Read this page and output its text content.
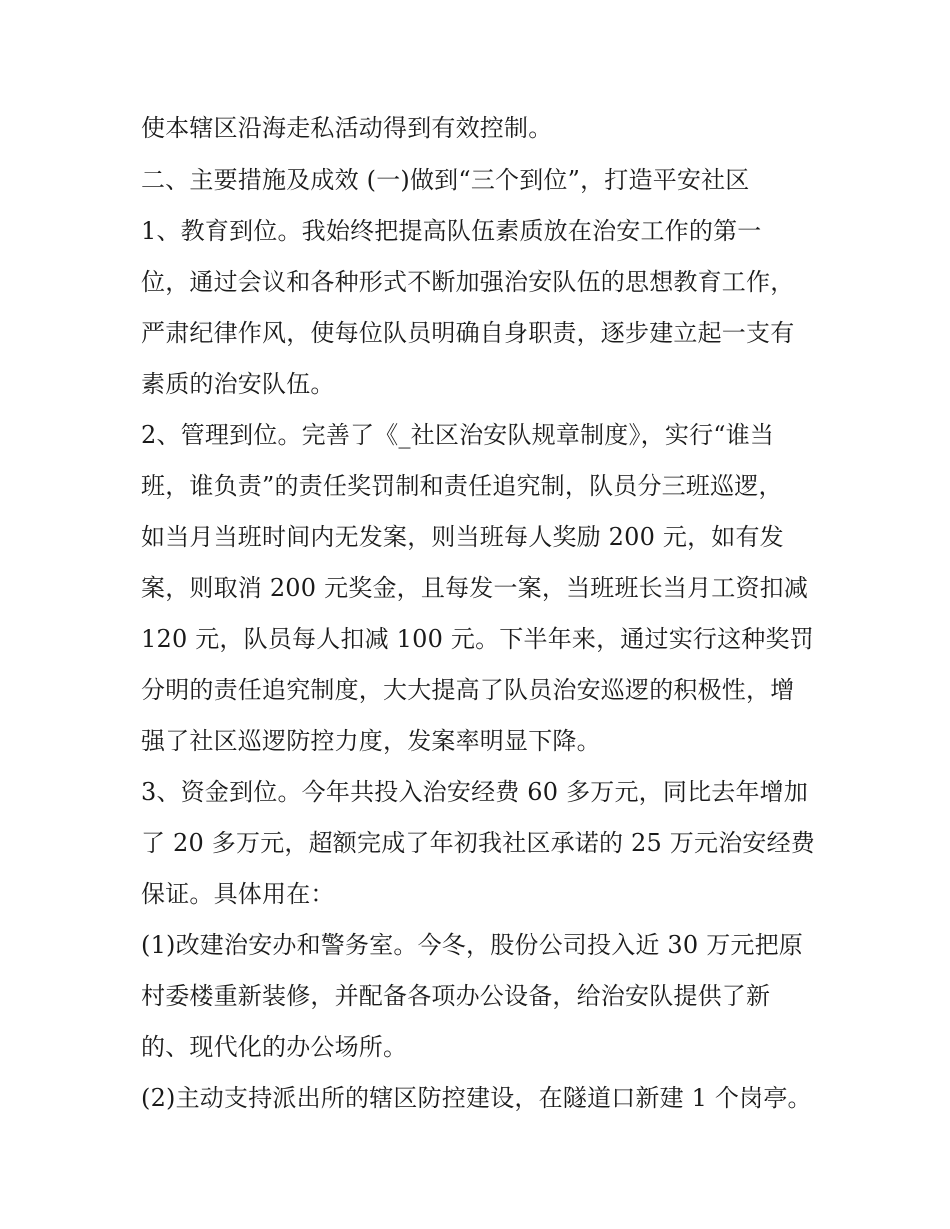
使本辖区沿海走私活动得到有效控制。
二、主要措施及成效 (一)做到“三个到位”，打造平安社区
1、教育到位。我始终把提高队伍素质放在治安工作的第一
位，通过会议和各种形式不断加强治安队伍的思想教育工作，
严肃纪律作风，使每位队员明确自身职责，逐步建立起一支有
素质的治安队伍。
2、管理到位。完善了《_社区治安队规章制度》，实行“谁当
班，谁负责”的责任奖罚制和责任追究制，队员分三班巡逻，
如当月当班时间内无发案，则当班每人奖励 200 元，如有发
案，则取消 200 元奖金，且每发一案，当班班长当月工资扣减
120 元，队员每人扣减 100 元。下半年来，通过实行这种奖罚
分明的责任追究制度，大大提高了队员治安巡逻的积极性，增
强了社区巡逻防控力度，发案率明显下降。
3、资金到位。今年共投入治安经费 60 多万元，同比去年增加
了 20 多万元，超额完成了年初我社区承诺的 25 万元治安经费
保证。具体用在：
(1)改建治安办和警务室。今冬，股份公司投入近 30 万元把原
村委楼重新装修，并配备各项办公设备，给治安队提供了新
的、现代化的办公场所。
(2)主动支持派出所的辖区防控建设，在隧道口新建 1 个岗亭。
